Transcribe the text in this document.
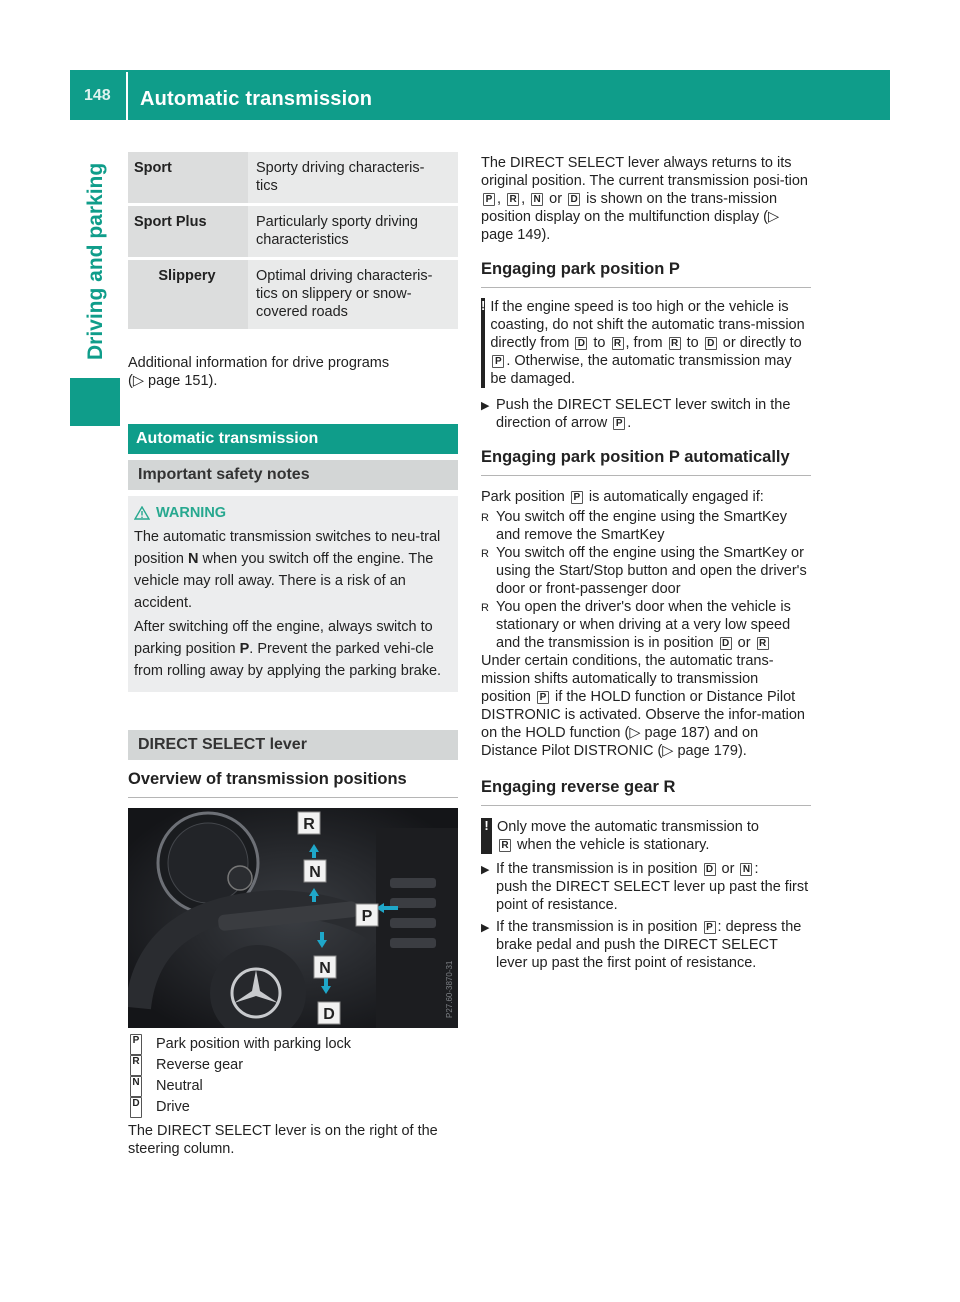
148 Automatic transmission
Driving and parking Sport	Sporty driving characteris-
tics
Sport Plus	Particularly sporty driving
characteristics
Slippery	Optimal driving characteris-
tics on slippery or snow-
covered roads
Additional information for drive programs
(▷ page 151).
Automatic transmission
Important safety notes
WARNING
The automatic transmission switches to neu-tral position N when you switch off the engine. The vehicle may roll away. There is a risk of an accident.
After switching off the engine, always switch to parking position P. Prevent the parked vehi-cle from rolling away by applying the parking brake.
DIRECT SELECT lever
Overview of transmission positions
R
N
P
N
D	P27.60-3870-31
P Park position with parking lock
R Reverse gear
N Neutral
D Drive
The DIRECT SELECT lever is on the right of the steering column.
The DIRECT SELECT lever always returns to its original position. The current transmission posi-tion P , R , N or D is shown on the trans-mission position display on the multifunction display (▷ page 149).
Engaging park position P
! If the engine speed is too high or the vehicle is coasting, do not shift the automatic trans-mission directly from D to R , from R to D or directly to P . Otherwise, the automatic transmission may be damaged.
▶ Push the DIRECT SELECT lever switch in the direction of arrow P .
Engaging park position P automatically
Park position P is automatically engaged if:
R You switch off the engine using the SmartKey and remove the SmartKey
R You switch off the engine using the SmartKey or using the Start/Stop button and open the driver's door or front-passenger door
R You open the driver's door when the vehicle is stationary or when driving at a very low speed and the transmission is in position D or R
Under certain conditions, the automatic trans-mission shifts automatically to transmission position P if the HOLD function or Distance Pilot DISTRONIC is activated. Observe the infor-mation on the HOLD function (▷ page 187) and on Distance Pilot DISTRONIC (▷ page 179).
Engaging reverse gear R
! Only move the automatic transmission to
R when the vehicle is stationary.
▶ If the transmission is in position D or N :
push the DIRECT SELECT lever up past the first point of resistance.
▶ If the transmission is in position P : depress the brake pedal and push the DIRECT SELECT lever up past the first point of resistance.
